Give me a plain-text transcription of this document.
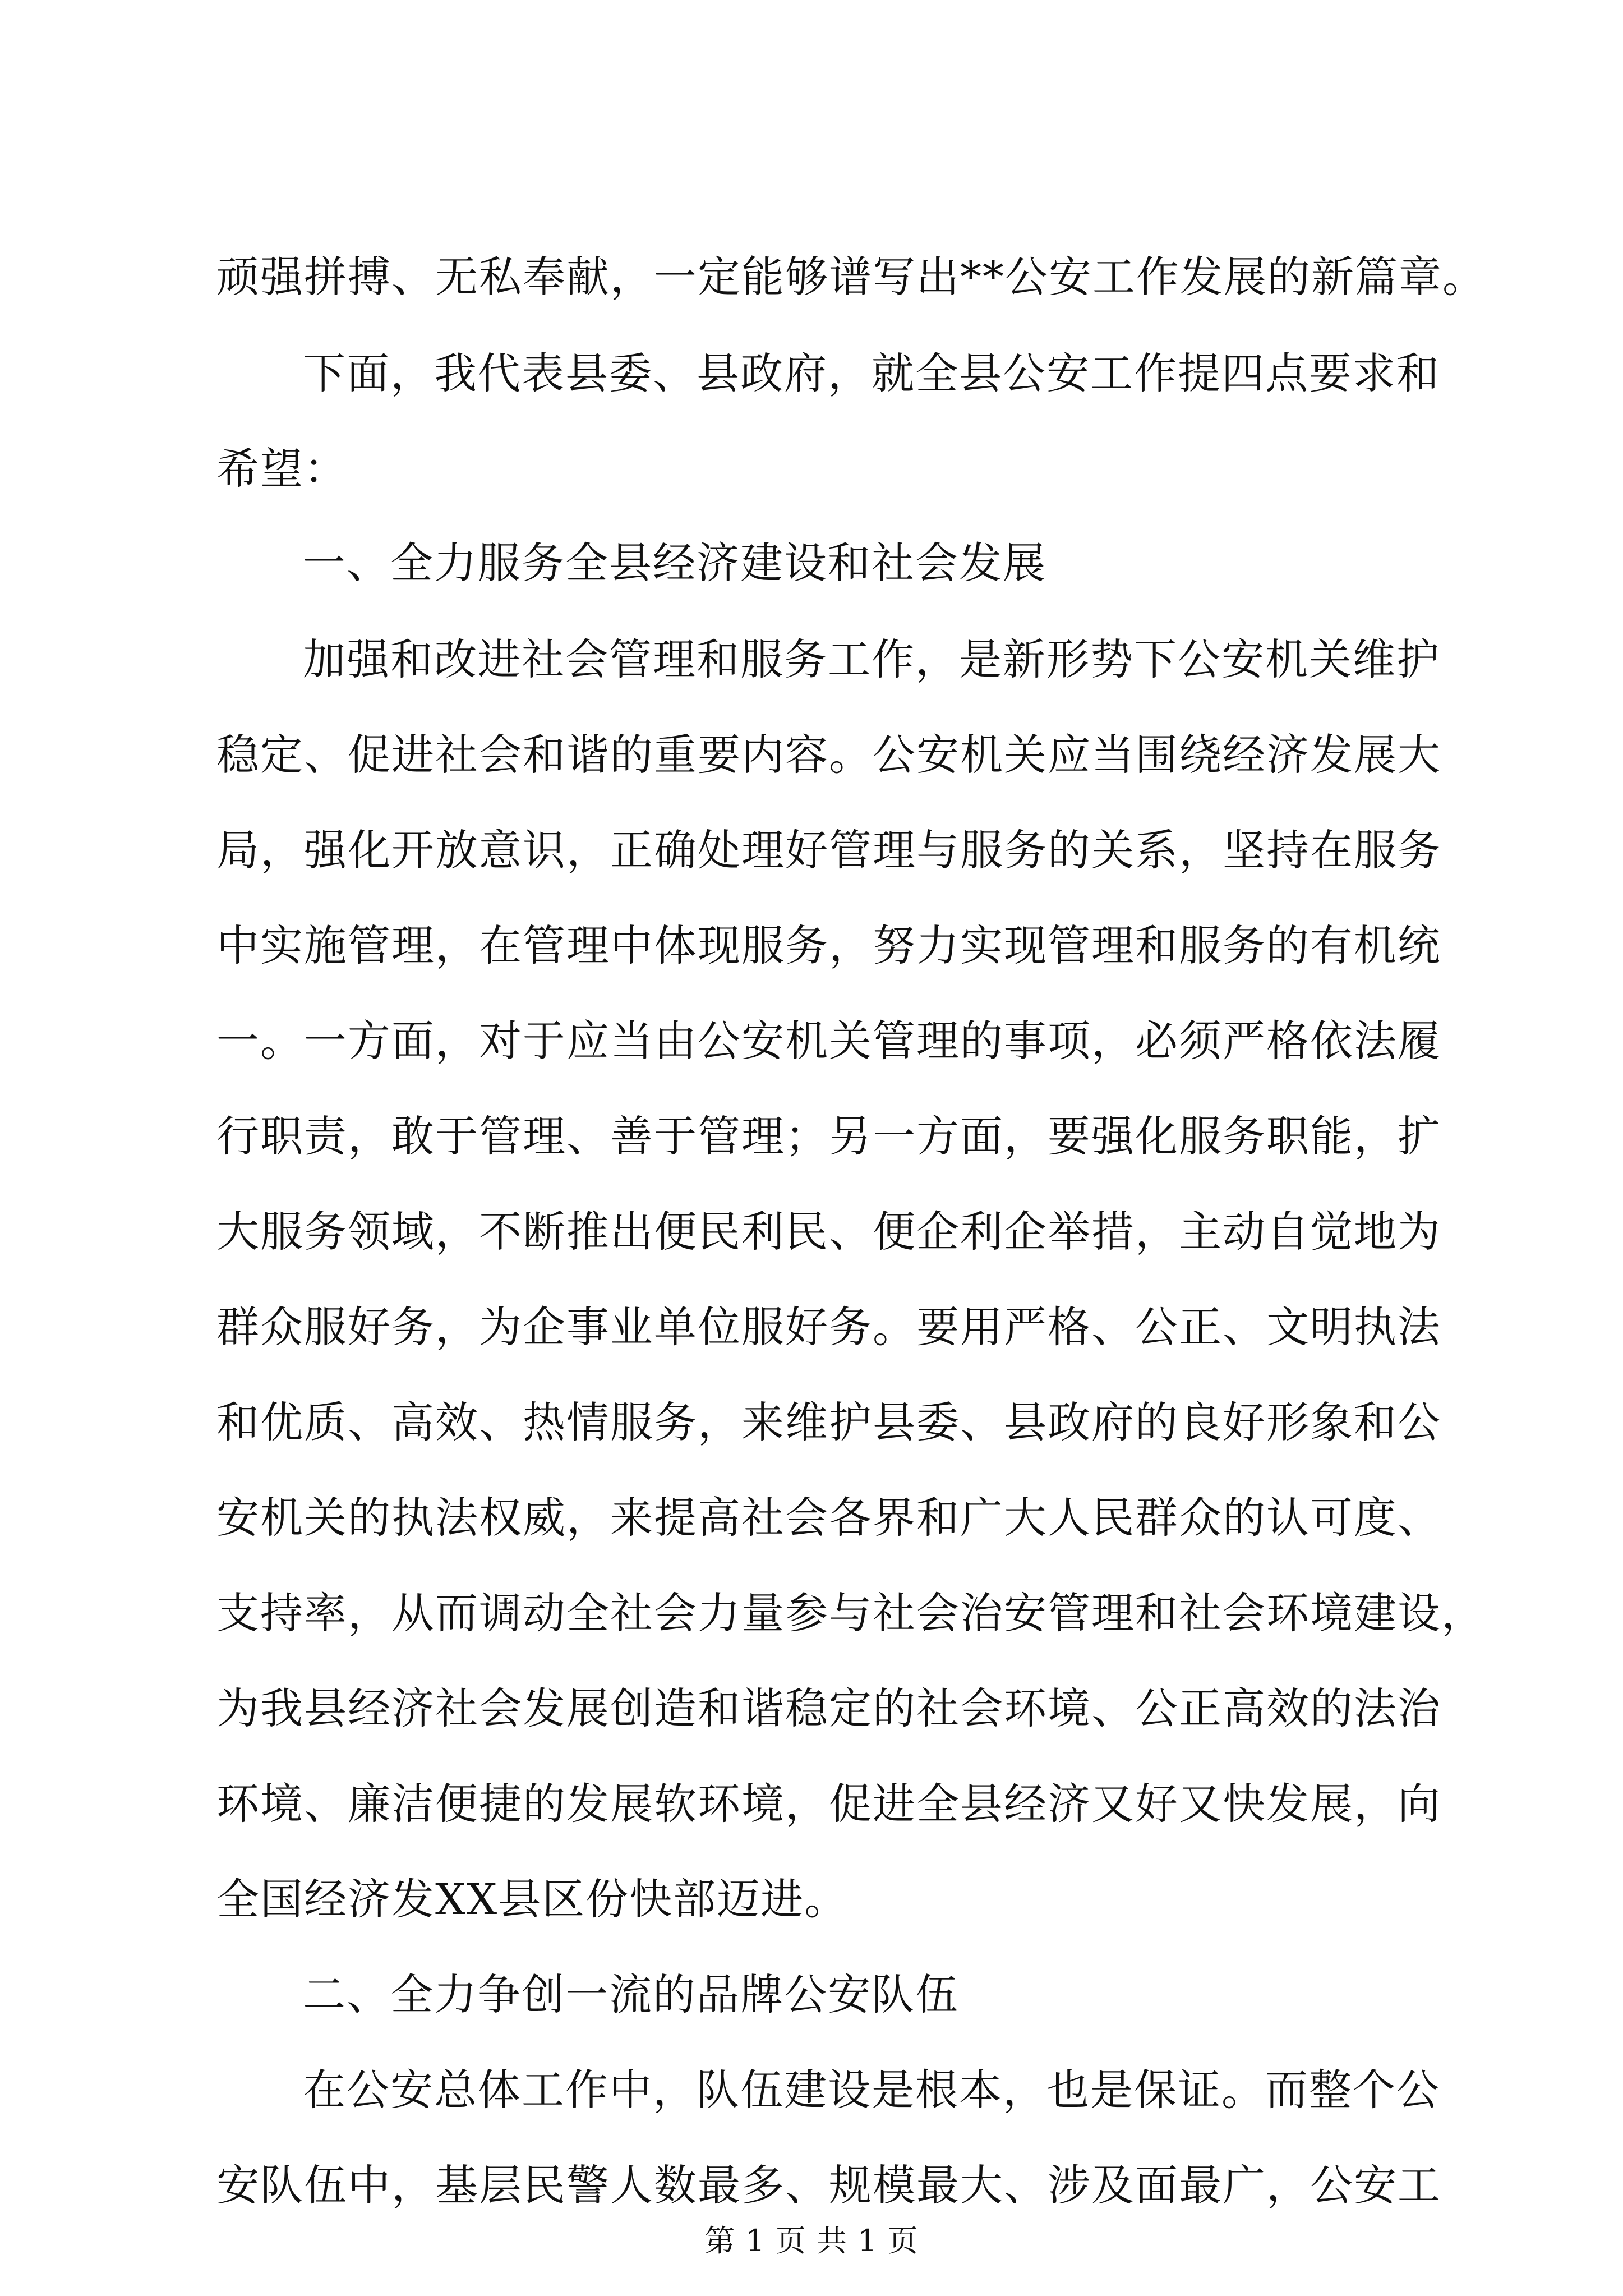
顽强拼搏、无私奉献，一定能够谱写出**公安工作发展的新篇章。
下面，我代表县委、县政府，就全县公安工作提四点要求和
希望：
一、全力服务全县经济建设和社会发展
加强和改进社会管理和服务工作，是新形势下公安机关维护
稳定、促进社会和谐的重要内容。公安机关应当围绕经济发展大
局，强化开放意识，正确处理好管理与服务的关系，坚持在服务
中实施管理，在管理中体现服务，努力实现管理和服务的有机统
一。一方面，对于应当由公安机关管理的事项，必须严格依法履
行职责，敢于管理、善于管理；另一方面，要强化服务职能，扩
大服务领域，不断推出便民利民、便企利企举措，主动自觉地为
群众服好务，为企事业单位服好务。要用严格、公正、文明执法
和优质、高效、热情服务，来维护县委、县政府的良好形象和公
安机关的执法权威，来提高社会各界和广大人民群众的认可度、
支持率，从而调动全社会力量参与社会治安管理和社会环境建设，
为我县经济社会发展创造和谐稳定的社会环境、公正高效的法治
环境、廉洁便捷的发展软环境，促进全县经济又好又快发展，向
全国经济发XX县区份快部迈进。
二、全力争创一流的品牌公安队伍
在公安总体工作中，队伍建设是根本，也是保证。而整个公
安队伍中，基层民警人数最多、规模最大、涉及面最广，公安工
第 1 页 共 1 页
